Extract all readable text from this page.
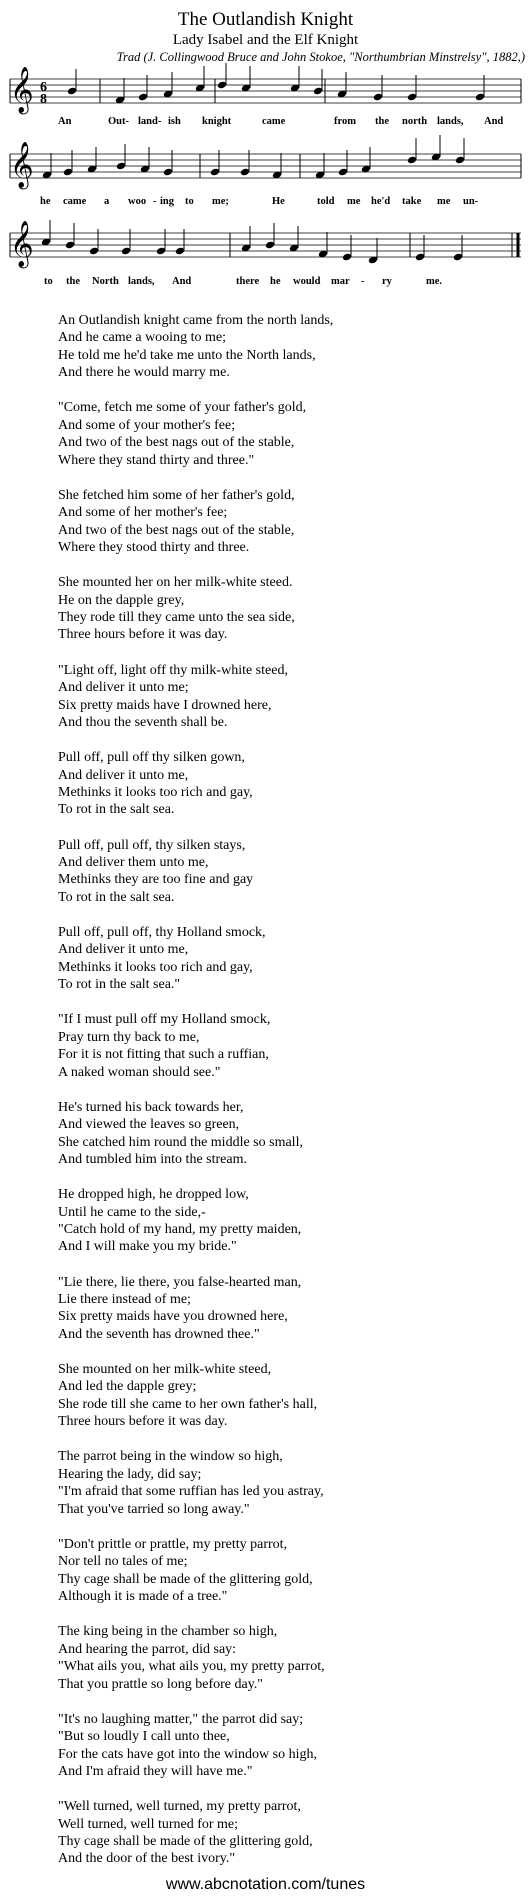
The Outlandish Knight
Lady Isabel and the Elf Knight
Trad (J. Collingwood Bruce and John Stokoe, "Northumbrian Minstrelsy", 1882,)
𝄞
𝄞
𝄞
6
8
An	Out- land- ish knight	came	from the north lands, And
he came a woo - ing to me;	He	told me he'd take me un-
to the North lands, And	there he would mar - ry	me.
An Outlandish knight came from the north lands,
And he came a wooing to me;
He told me he'd take me unto the North lands,
And there he would marry me.
"Come, fetch me some of your father's gold,
And some of your mother's fee;
And two of the best nags out of the stable,
Where they stand thirty and three."
She fetched him some of her father's gold,
And some of her mother's fee;
And two of the best nags out of the stable,
Where they stood thirty and three.
She mounted her on her milk-white steed.
He on the dapple grey,
They rode till they came unto the sea side,
Three hours before it was day.
"Light off, light off thy milk-white steed,
And deliver it unto me;
Six pretty maids have I drowned here,
And thou the seventh shall be.
Pull off, pull off thy silken gown,
And deliver it unto me,
Methinks it looks too rich and gay,
To rot in the salt sea.
Pull off, pull off, thy silken stays,
And deliver them unto me,
Methinks they are too fine and gay
To rot in the salt sea.
Pull off, pull off, thy Holland smock,
And deliver it unto me,
Methinks it looks too rich and gay,
To rot in the salt sea."
"If I must pull off my Holland smock,
Pray turn thy back to me,
For it is not fitting that such a ruffian,
A naked woman should see."
He's turned his back towards her,
And viewed the leaves so green,
She catched him round the middle so small,
And tumbled him into the stream.
He dropped high, he dropped low,
Until he came to the side,-
"Catch hold of my hand, my pretty maiden,
And I will make you my bride."
"Lie there, lie there, you false-hearted man,
Lie there instead of me;
Six pretty maids have you drowned here,
And the seventh has drowned thee."
She mounted on her milk-white steed,
And led the dapple grey;
She rode till she came to her own father's hall,
Three hours before it was day.
The parrot being in the window so high,
Hearing the lady, did say;
"I'm afraid that some ruffian has led you astray,
That you've tarried so long away."
"Don't prittle or prattle, my pretty parrot,
Nor tell no tales of me;
Thy cage shall be made of the glittering gold,
Although it is made of a tree."
The king being in the chamber so high,
And hearing the parrot, did say:
"What ails you, what ails you, my pretty parrot,
That you prattle so long before day."
"It's no laughing matter," the parrot did say;
"But so loudly I call unto thee,
For the cats have got into the window so high,
And I'm afraid they will have me."
"Well turned, well turned, my pretty parrot,
Well turned, well turned for me;
Thy cage shall be made of the glittering gold,
And the door of the best ivory."
www.abcnotation.com/tunes
